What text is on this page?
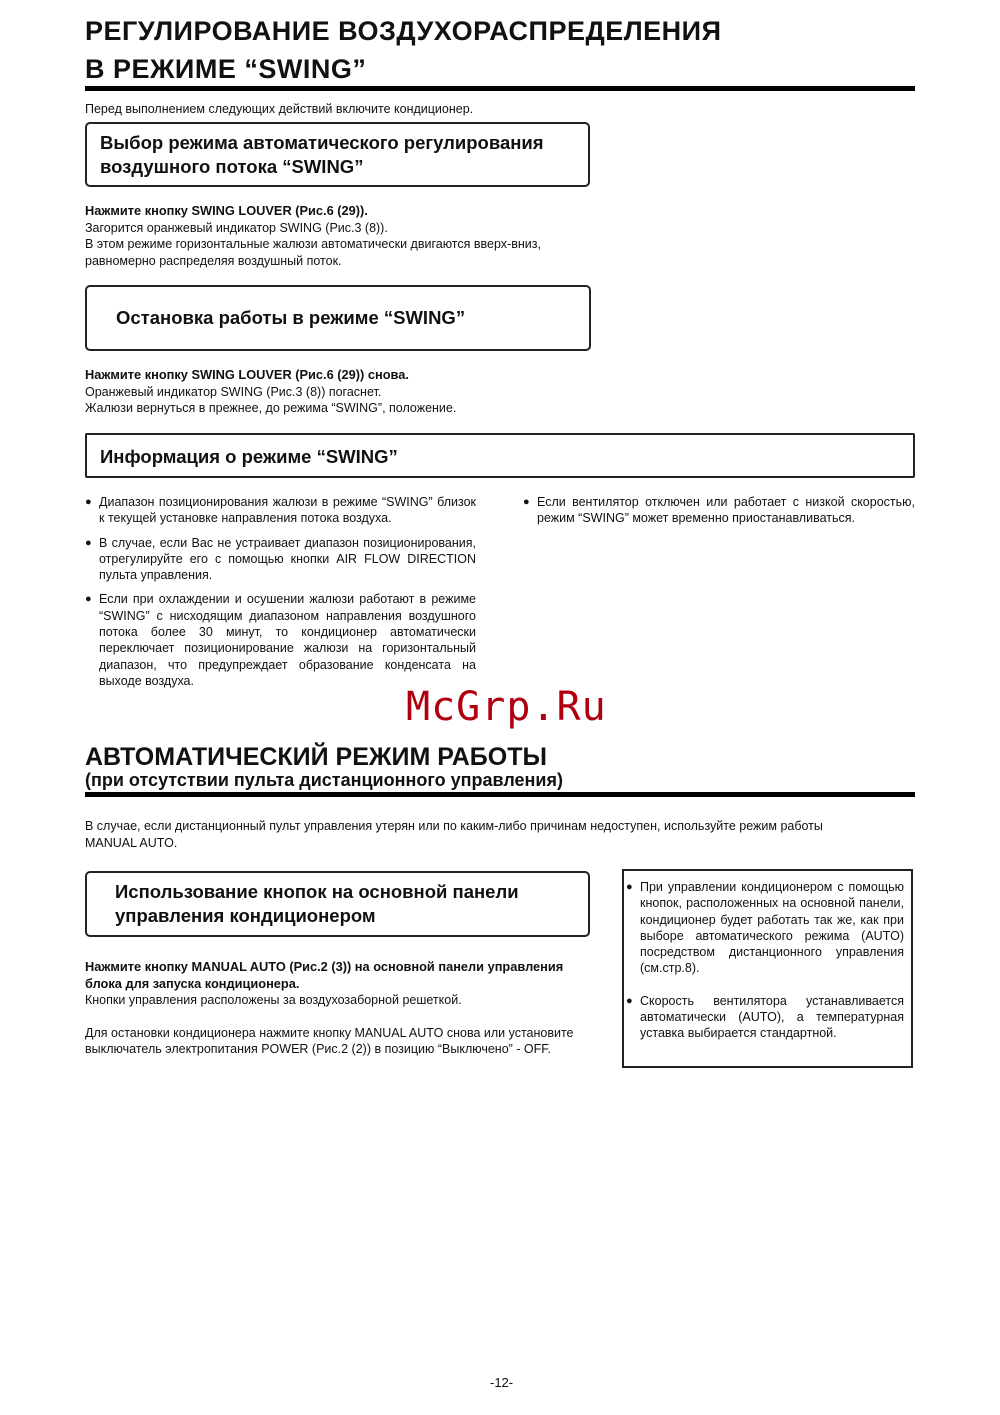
РЕГУЛИРОВАНИЕ ВОЗДУХОРАСПРЕДЕЛЕНИЯ
В РЕЖИМЕ “SWING”
Перед выполнением следующих действий включите кондиционер.
Выбор режима автоматического регулирования
воздушного потока “SWING”
Нажмите кнопку SWING LOUVER (Рис.6 (29)).
Загорится оранжевый индикатор SWING (Рис.3 (8)).
В этом режиме горизонтальные жалюзи автоматически двигаются вверх-вниз,
равномерно распределяя воздушный поток.
Остановка работы в режиме “SWING”
Нажмите кнопку SWING LOUVER (Рис.6 (29)) снова.
Оранжевый индикатор SWING (Рис.3 (8)) погаснет.
Жалюзи вернуться в прежнее, до режима “SWING”, положение.
Информация о режиме “SWING”
● Диапазон позиционирования жалюзи в режиме “SWING” близок к текущей установке направления потока воздуха.
● В случае, если Вас не устраивает диапазон позиционирования, отрегулируйте его с помощью кнопки AIR FLOW DIRECTION пульта управления.
● Если при охлаждении и осушении жалюзи работают в режиме “SWING” с нисходящим диапазоном направления воздушного потока более 30 минут, то кондиционер автоматически переключает позиционирование жалюзи на горизонтальный диапазон, что предупреждает образование конденсата на выходе воздуха.
● Если вентилятор отключен или работает с низкой скоростью, режим “SWING” может временно приостанавливаться.
McGrp.Ru
АВТОМАТИЧЕСКИЙ РЕЖИМ РАБОТЫ
(при отсутствии пульта дистанционного управления)
В случае, если дистанционный пульт управления утерян или по каким-либо причинам недоступен, используйте режим работы
MANUAL AUTO.
Использование кнопок на основной панели
управления кондиционером
Нажмите кнопку MANUAL AUTO (Рис.2 (3)) на основной панели управления
блока для запуска кондиционера.
Кнопки управления расположены за воздухозаборной решеткой.
Для остановки кондиционера нажмите кнопку MANUAL AUTO снова или установите
выключатель электропитания POWER (Рис.2 (2)) в позицию “Выключено” - OFF.
● При управлении кондиционером с помощью кнопок, расположенных на основной панели, кондиционер будет работать так же, как при выборе автоматического режима (AUTO) посредством дистанционного управления (см.стр.8).
● Скорость вентилятора устанавливается автоматически (AUTO), а температурная уставка выбирается стандартной.
-12-
